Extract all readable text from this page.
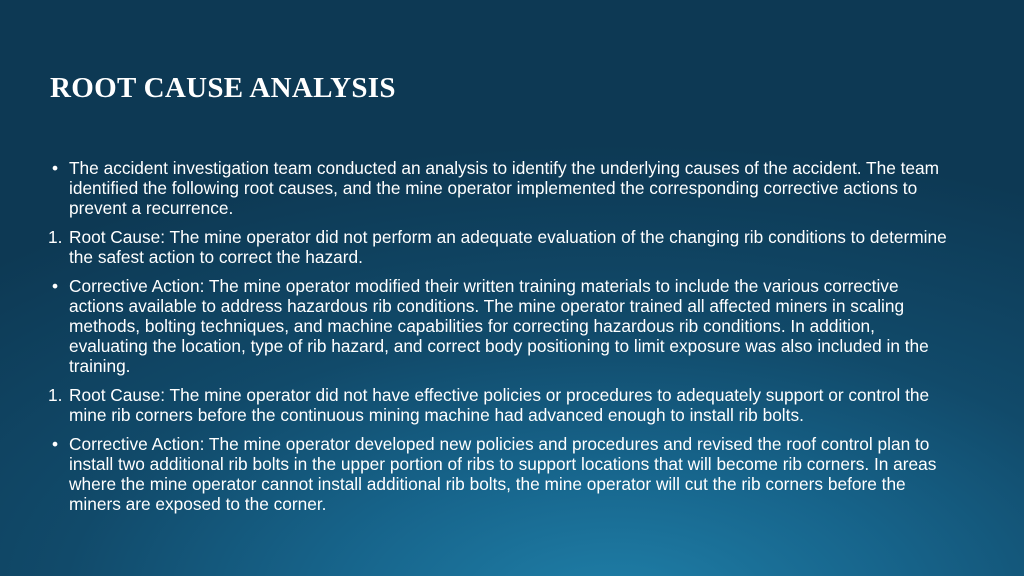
ROOT CAUSE ANALYSIS
• The accident investigation team conducted an analysis to identify the underlying causes of the accident. The team identified the following root causes, and the mine operator implemented the corresponding corrective actions to prevent a recurrence.
1. Root Cause: The mine operator did not perform an adequate evaluation of the changing rib conditions to determine the safest action to correct the hazard.
• Corrective Action: The mine operator modified their written training materials to include the various corrective actions available to address hazardous rib conditions. The mine operator trained all affected miners in scaling methods, bolting techniques, and machine capabilities for correcting hazardous rib conditions. In addition, evaluating the location, type of rib hazard, and correct body positioning to limit exposure was also included in the training.
1. Root Cause: The mine operator did not have effective policies or procedures to adequately support or control the mine rib corners before the continuous mining machine had advanced enough to install rib bolts.
• Corrective Action: The mine operator developed new policies and procedures and revised the roof control plan to install two additional rib bolts in the upper portion of ribs to support locations that will become rib corners. In areas where the mine operator cannot install additional rib bolts, the mine operator will cut the rib corners before the miners are exposed to the corner.
